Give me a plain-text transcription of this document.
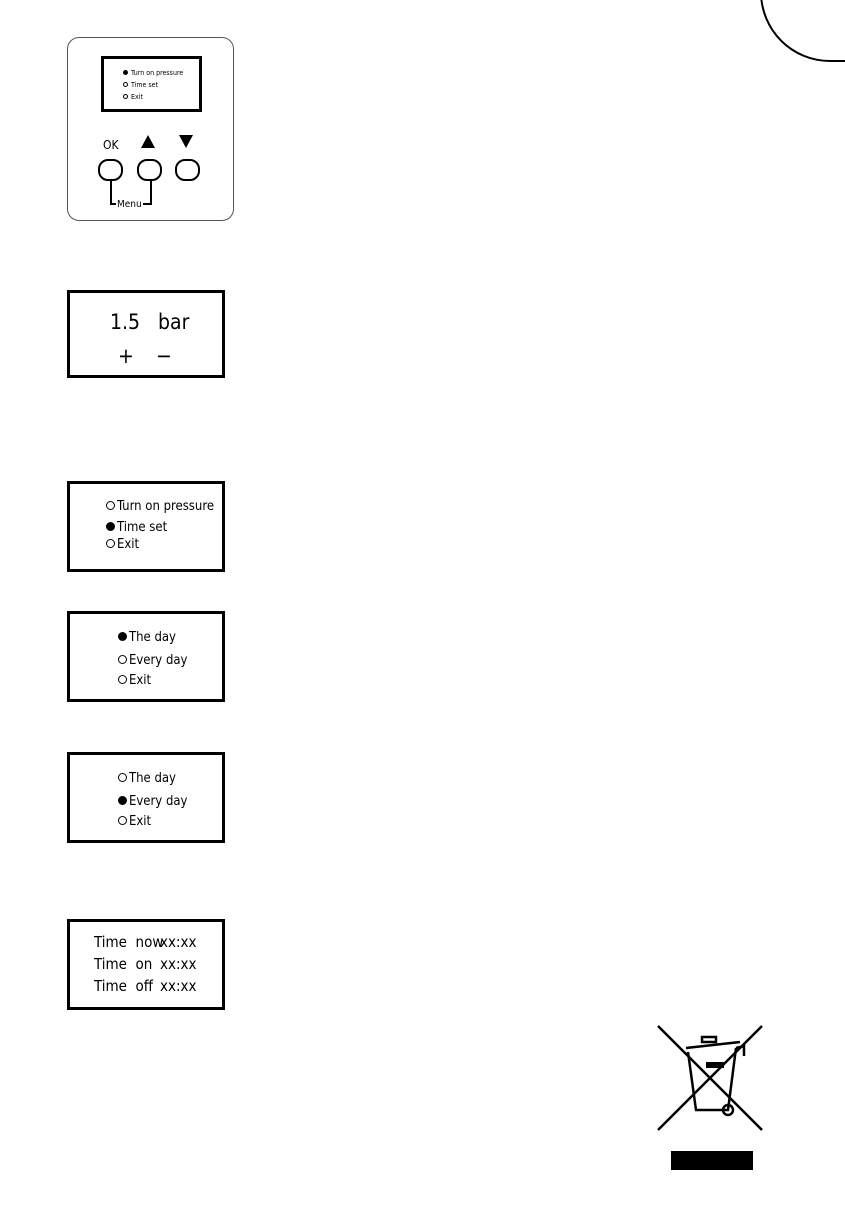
Turn on pressure
Time set
Exit
OK
Menu
1.5 bar
+ −
Turn on pressure
Time set
Exit
The day
Every day
Exit
The day
Every day
Exit
Time  now
xx:xx
Time  on xx:xx
Time  off xx:xx
